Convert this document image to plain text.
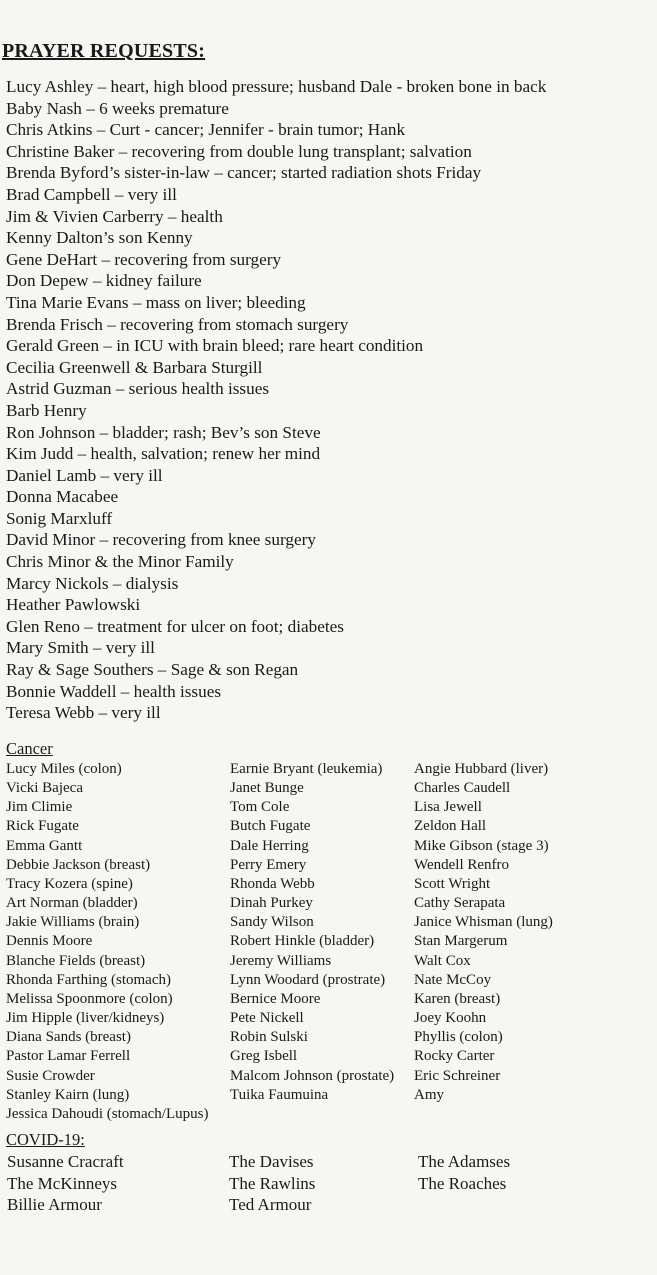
PRAYER REQUESTS:
Lucy Ashley – heart, high blood pressure; husband Dale - broken bone in back
Baby Nash – 6 weeks premature
Chris Atkins – Curt - cancer; Jennifer - brain tumor; Hank
Christine Baker – recovering from double lung transplant; salvation
Brenda Byford’s sister-in-law – cancer; started radiation shots Friday
Brad Campbell – very ill
Jim & Vivien Carberry – health
Kenny Dalton’s son Kenny
Gene DeHart – recovering from surgery
Don Depew – kidney failure
Tina Marie Evans – mass on liver; bleeding
Brenda Frisch – recovering from stomach surgery
Gerald Green – in ICU with brain bleed; rare heart condition
Cecilia Greenwell & Barbara Sturgill
Astrid Guzman – serious health issues
Barb Henry
Ron Johnson – bladder; rash; Bev’s son Steve
Kim Judd – health, salvation; renew her mind
Daniel Lamb – very ill
Donna Macabee
Sonig Marxluff
David Minor – recovering from knee surgery
Chris Minor & the Minor Family
Marcy Nickols – dialysis
Heather Pawlowski
Glen Reno – treatment for ulcer on foot; diabetes
Mary Smith – very ill
Ray & Sage Southers – Sage & son Regan
Bonnie Waddell – health issues
Teresa Webb – very ill
Cancer
Lucy Miles (colon)
Vicki Bajeca
Jim Climie
Rick Fugate
Emma Gantt
Debbie Jackson (breast)
Tracy Kozera (spine)
Art Norman (bladder)
Jakie Williams (brain)
Dennis Moore
Blanche Fields (breast)
Rhonda Farthing (stomach)
Melissa Spoonmore (colon)
Jim Hipple (liver/kidneys)
Diana Sands (breast)
Pastor Lamar Ferrell
Susie Crowder
Stanley Kairn (lung)
Jessica Dahoudi (stomach/Lupus)
Earnie Bryant (leukemia)
Janet Bunge
Tom Cole
Butch Fugate
Dale Herring
Perry Emery
Rhonda Webb
Dinah Purkey
Sandy Wilson
Robert Hinkle (bladder)
Jeremy Williams
Lynn Woodard (prostrate)
Bernice Moore
Pete Nickell
Robin Sulski
Greg Isbell
Malcom Johnson (prostate)
Tuika Faumuina
Angie Hubbard (liver)
Charles Caudell
Lisa Jewell
Zeldon Hall
Mike Gibson (stage 3)
Wendell Renfro
Scott Wright
Cathy Serapata
Janice Whisman (lung)
Stan Margerum
Walt Cox
Nate McCoy
Karen (breast)
Joey Koohn
Phyllis (colon)
Rocky Carter
Eric Schreiner
Amy
COVID-19:
Susanne Cracraft
The McKinneys
Billie Armour
The Davises
The Rawlins
Ted Armour
The Adamses
The Roaches
